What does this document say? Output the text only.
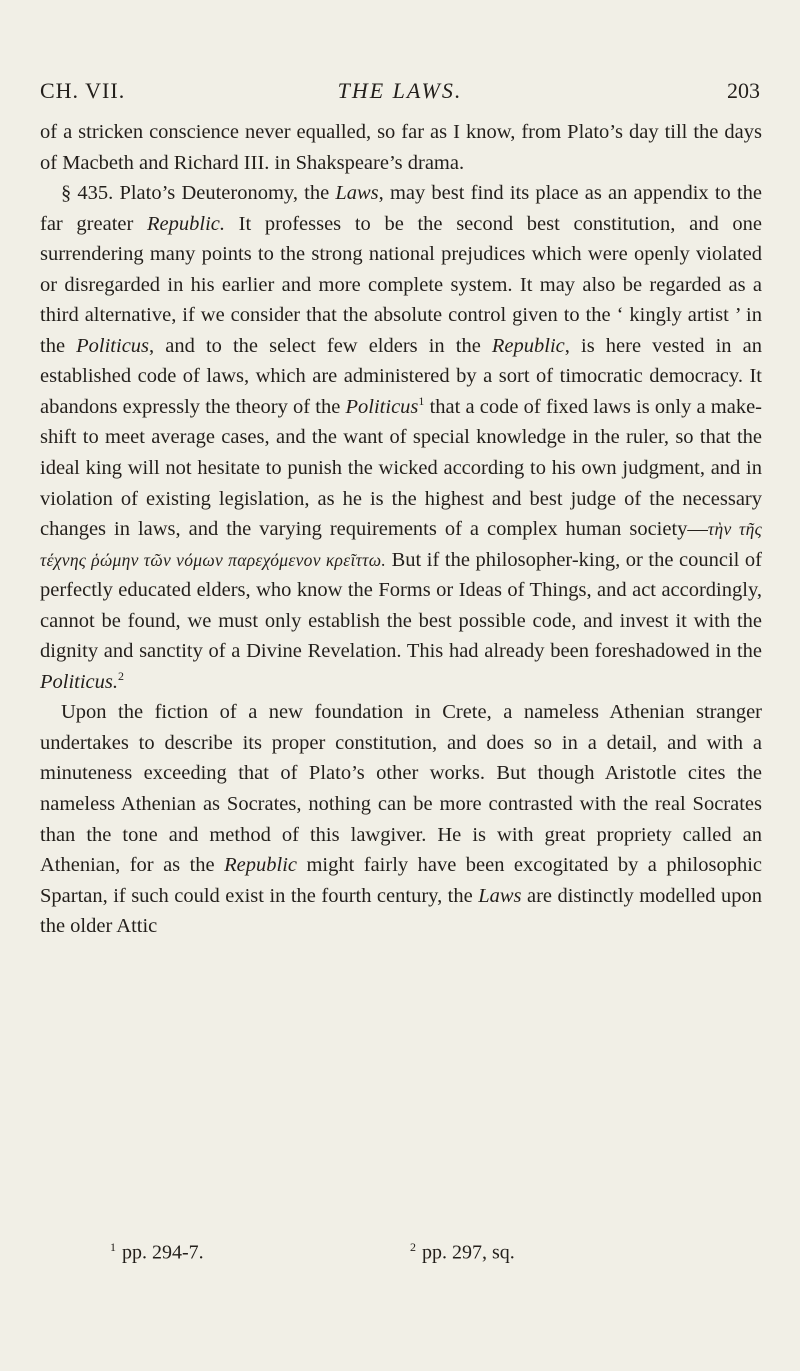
CH. VII.	THE LAWS.	203

of a stricken conscience never equalled, so far as I know, from Plato’s day till the days of Macbeth and Richard III. in Shakspeare’s drama.

§ 435. Plato’s Deuteronomy, the Laws, may best find its place as an appendix to the far greater Republic. It professes to be the second best constitution, and one surrendering many points to the strong national prejudices which were openly violated or disregarded in his earlier and more complete system. It may also be regarded as a third alternative, if we consider that the absolute control given to the ‘ kingly artist ’ in the Politicus, and to the select few elders in the Republic, is here vested in an established code of laws, which are administered by a sort of timocratic democracy. It abandons expressly the theory of the Politicus$^1$ that a code of fixed laws is only a make-shift to meet average cases, and the want of special knowledge in the ruler, so that the ideal king will not hesitate to punish the wicked according to his own judgment, and in violation of existing legislation, as he is the highest and best judge of the necessary changes in laws, and the varying requirements of a complex human society—τὴν τῆς τέχνης ῥώμην τῶν νόμων παρεχόμενον κρεῖττω. But if the philosopher-king, or the council of perfectly educated elders, who know the Forms or Ideas of Things, and act accordingly, cannot be found, we must only establish the best possible code, and invest it with the dignity and sanctity of a Divine Revelation. This had already been foreshadowed in the Politicus.$^2$

Upon the fiction of a new foundation in Crete, a nameless Athenian stranger undertakes to describe its proper constitution, and does so in a detail, and with a minuteness exceeding that of Plato’s other works. But though Aristotle cites the nameless Athenian as Socrates, nothing can be more contrasted with the real Socrates than the tone and method of this lawgiver. He is with great propriety called an Athenian, for as the Republic might fairly have been excogitated by a philosophic Spartan, if such could exist in the fourth century, the Laws are distinctly modelled upon the older Attic

$^1$ pp. 294-7.	$^2$ pp. 297, sq.
